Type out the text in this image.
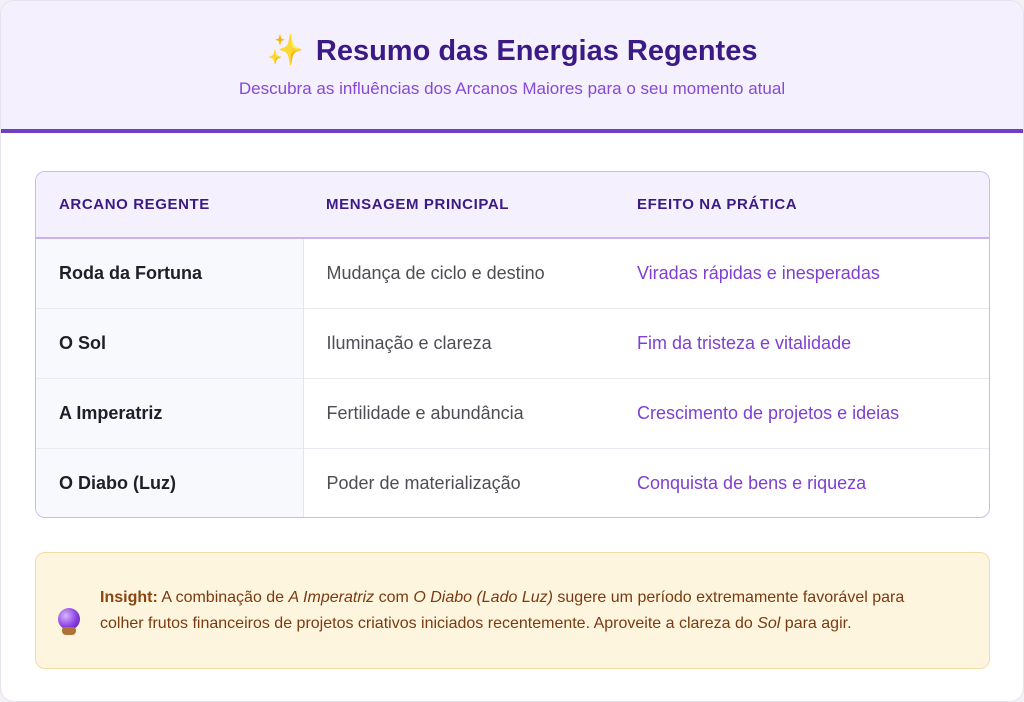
✨ Resumo das Energias Regentes
Descubra as influências dos Arcanos Maiores para o seu momento atual
ARCANO REGENTE	MENSAGEM PRINCIPAL	EFEITO NA PRÁTICA
Roda da Fortuna	Mudança de ciclo e destino	Viradas rápidas e inesperadas
O Sol	Iluminação e clareza	Fim da tristeza e vitalidade
A Imperatriz	Fertilidade e abundância	Crescimento de projetos e ideias
O Diabo (Luz)	Poder de materialização	Conquista de bens e riqueza
Insight: A combinação de A Imperatriz com O Diabo (Lado Luz) sugere um período extremamente favorável para colher frutos financeiros de projetos criativos iniciados recentemente. Aproveite a clareza do Sol para agir.
